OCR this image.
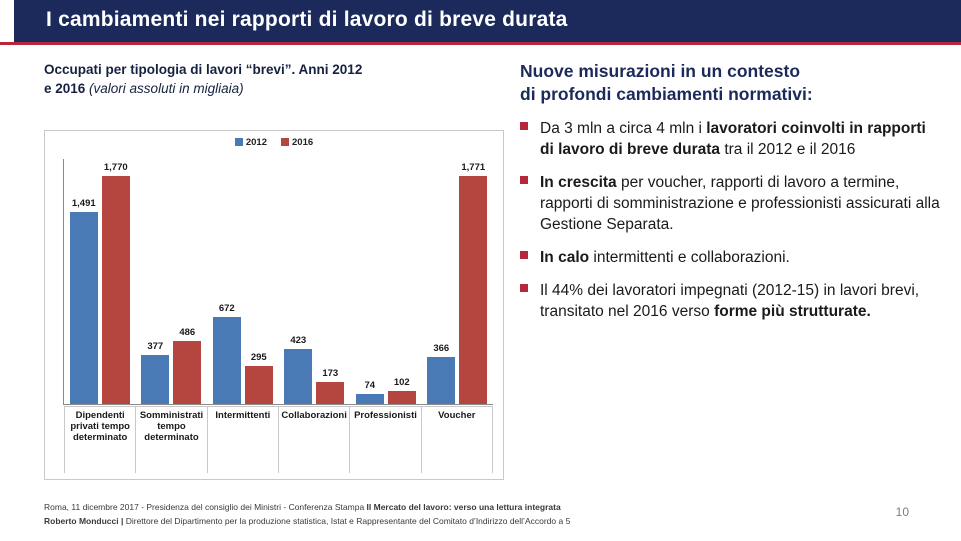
I cambiamenti nei rapporti di lavoro di breve durata
Occupati per tipologia di lavori “brevi”. Anni 2012
e 2016 (valori assoluti in migliaia)
2012	2016
1,491
1,770
377
486
672
295
423
173
74 102
366
1,771
Dipendenti privati tempo determinato
Somministrati tempo determinato
Intermittenti	Collaborazioni Professionisti	Voucher
Nuove misurazioni in un contesto
di profondi cambiamenti normativi:
Da 3 mln a circa 4 mln i lavoratori coinvolti in rapporti di lavoro di breve durata tra il 2012 e il 2016
In crescita per voucher, rapporti di lavoro a termine, rapporti di somministrazione e professionisti assicurati alla Gestione Separata.
In calo intermittenti e collaborazioni.
Il 44% dei lavoratori impegnati (2012-15) in lavori brevi, transitato nel 2016 verso forme più strutturate.
Roma, 11 dicembre 2017 - Presidenza del consiglio dei Ministri - Conferenza Stampa Il Mercato del lavoro: verso una lettura integrata
Roberto Monducci | Direttore del Dipartimento per la produzione statistica, Istat e Rappresentante del Comitato d’Indirizzo dell’Accordo a 5
10
